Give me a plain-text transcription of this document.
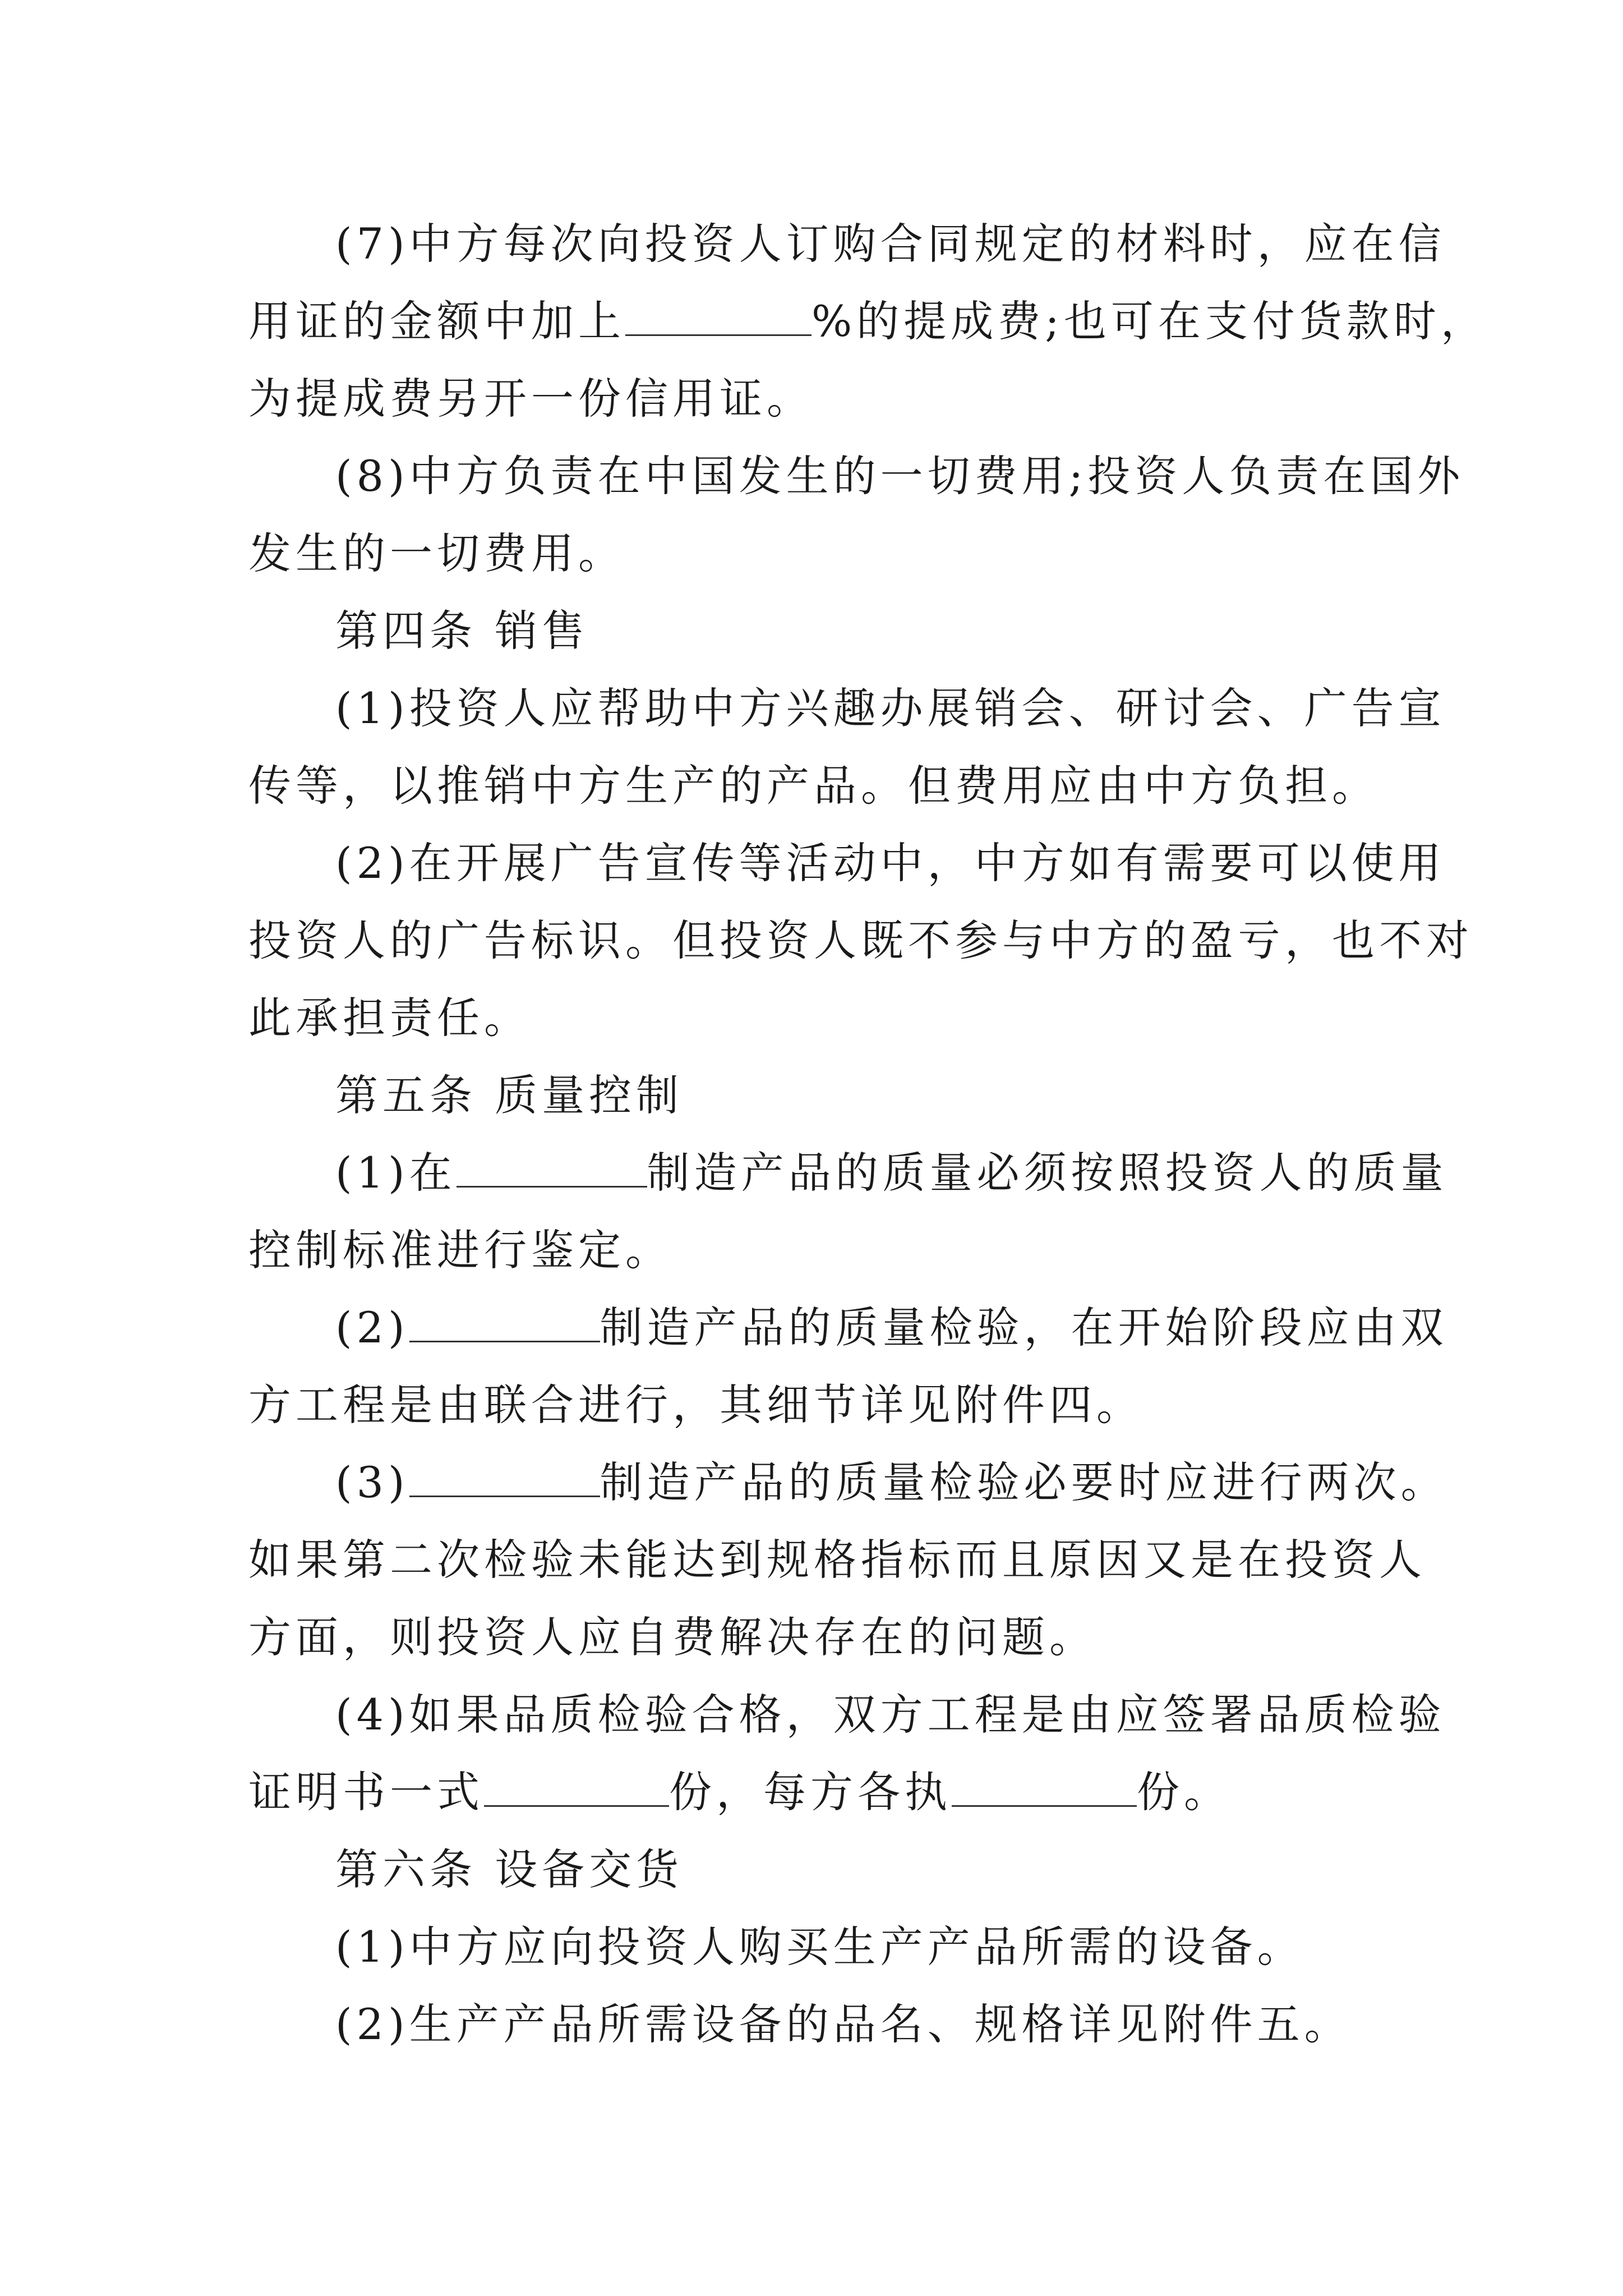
(7)中方每次向投资人订购合同规定的材料时，应在信

用证的金额中加上	%的提成费;也可在支付货款时，

为提成费另开一份信用证。

(8)中方负责在中国发生的一切费用;投资人负责在国外

发生的一切费用。

第四条 销售

(1)投资人应帮助中方兴趣办展销会、研讨会、广告宣

传等，以推销中方生产的产品。但费用应由中方负担。

(2)在开展广告宣传等活动中，中方如有需要可以使用

投资人的广告标识。但投资人既不参与中方的盈亏，也不对

此承担责任。

第五条 质量控制

(1)在	制造产品的质量必须按照投资人的质量

控制标准进行鉴定。

(2)	制造产品的质量检验，在开始阶段应由双

方工程是由联合进行，其细节详见附件四。

(3)	制造产品的质量检验必要时应进行两次。

如果第二次检验未能达到规格指标而且原因又是在投资人

方面，则投资人应自费解决存在的问题。

(4)如果品质检验合格，双方工程是由应签署品质检验

证明书一式	份，每方各执	份。

第六条 设备交货

(1)中方应向投资人购买生产产品所需的设备。

(2)生产产品所需设备的品名、规格详见附件五。
